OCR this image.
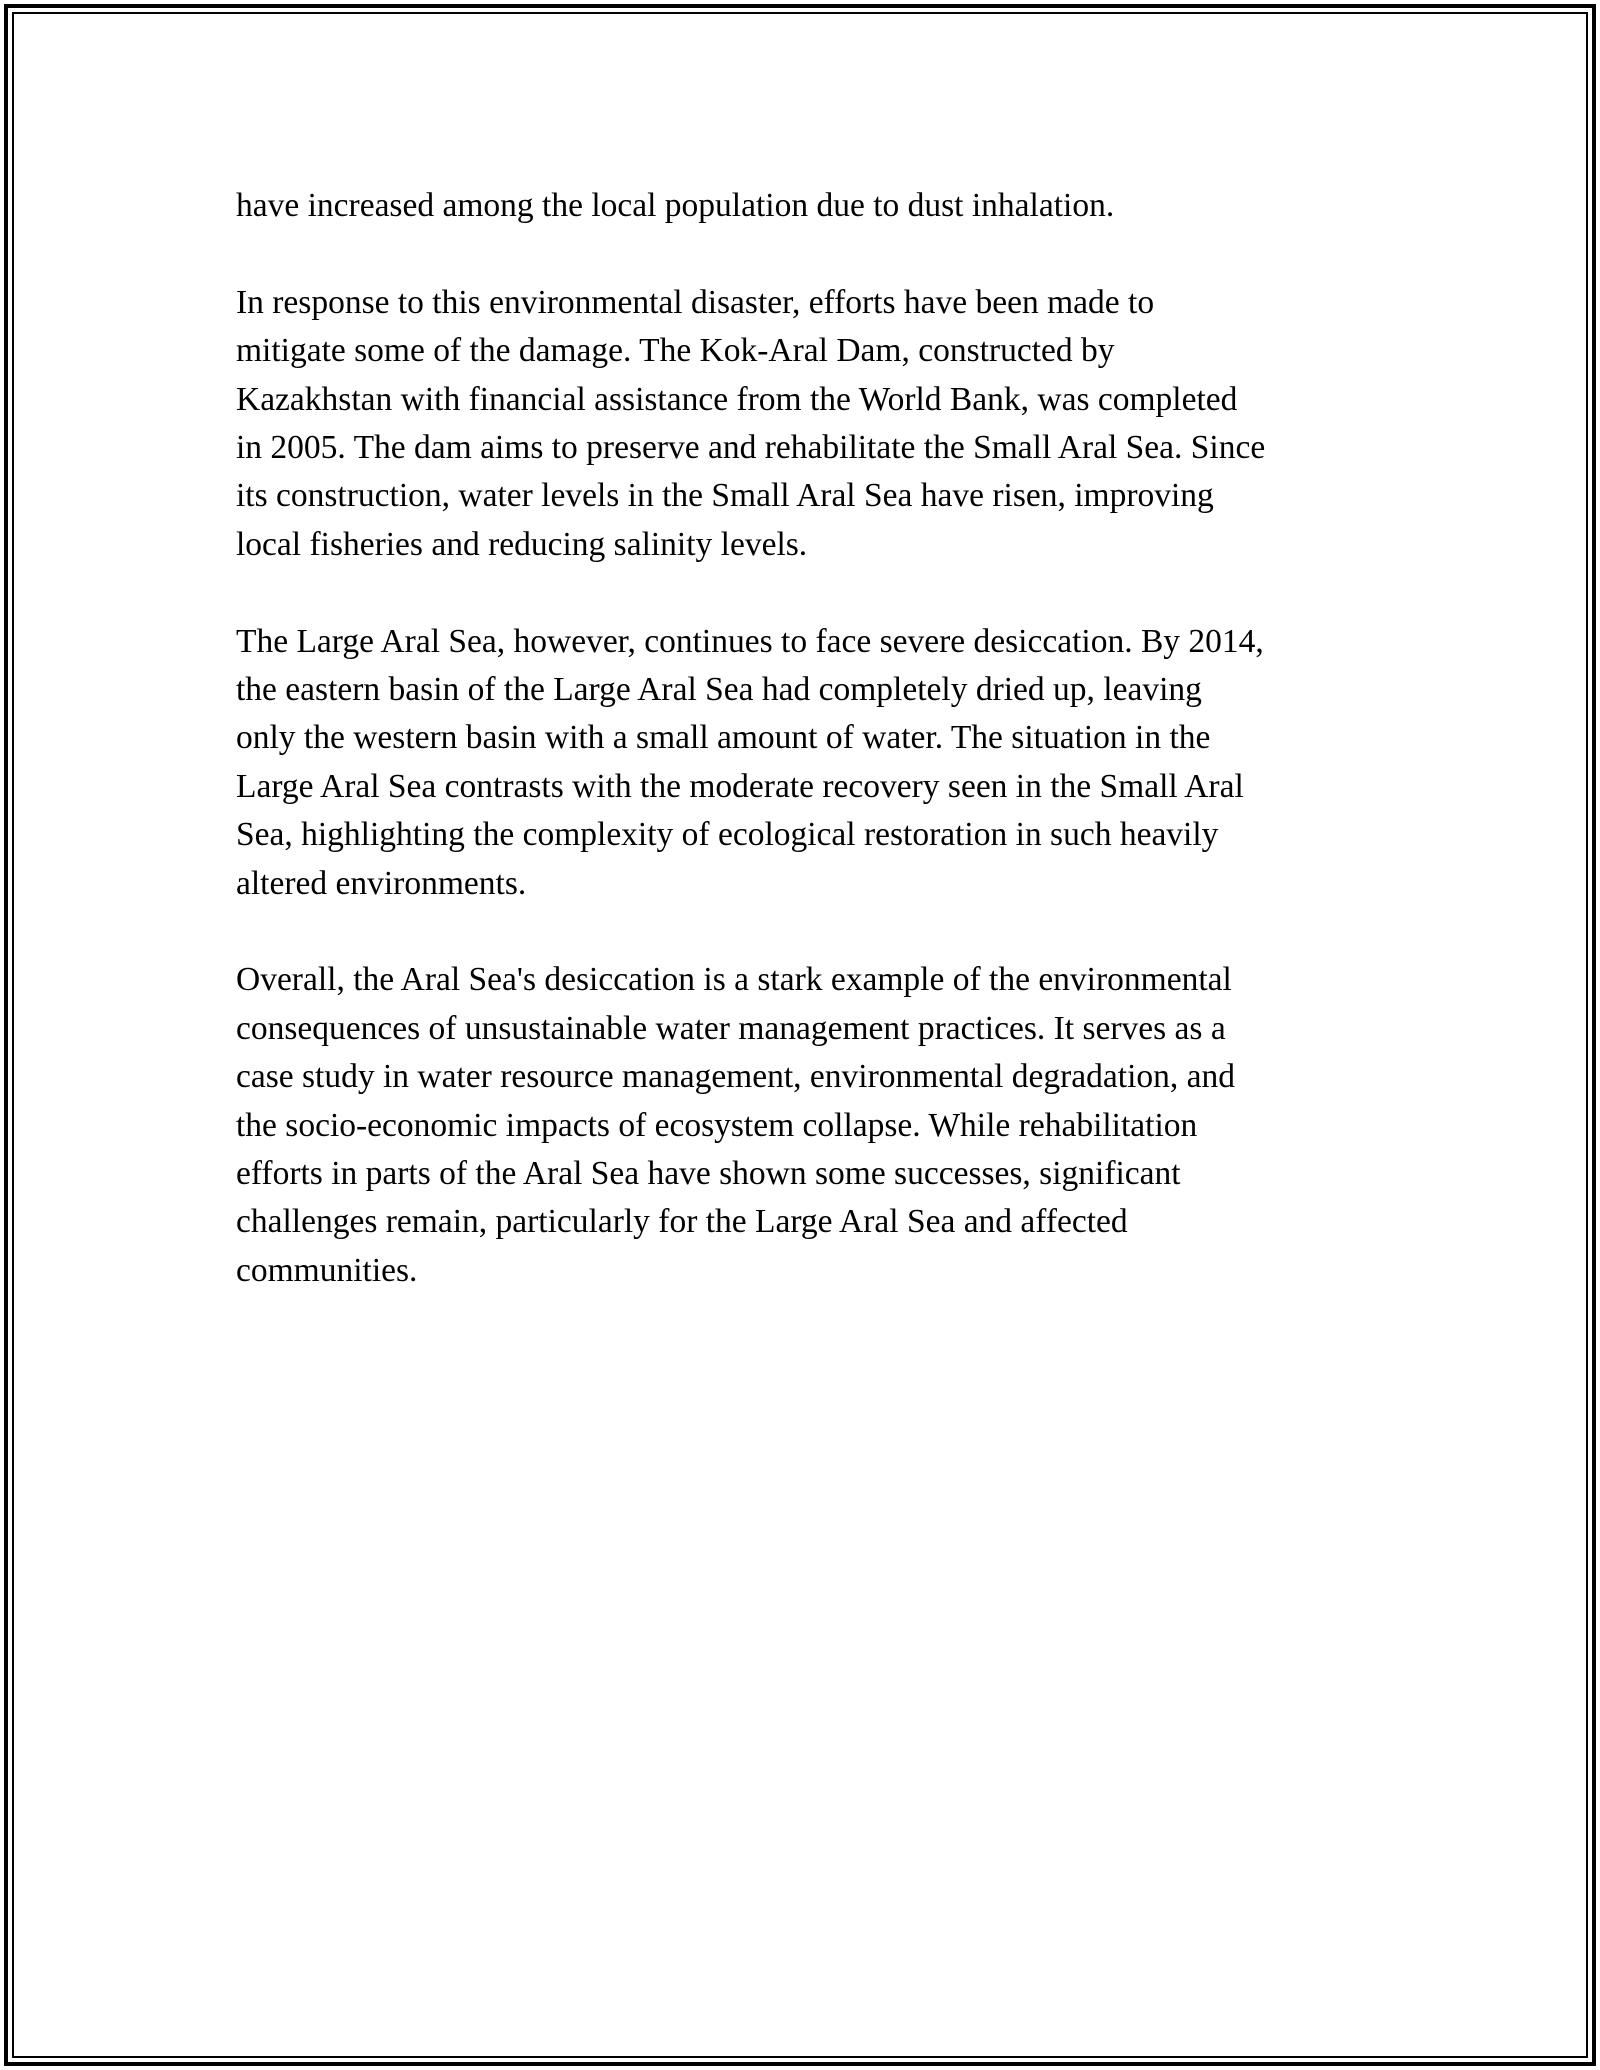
have increased among the local population due to dust inhalation.

In response to this environmental disaster, efforts have been made to
mitigate some of the damage. The Kok-Aral Dam, constructed by
Kazakhstan with financial assistance from the World Bank, was completed
in 2005. The dam aims to preserve and rehabilitate the Small Aral Sea. Since
its construction, water levels in the Small Aral Sea have risen, improving
local fisheries and reducing salinity levels.

The Large Aral Sea, however, continues to face severe desiccation. By 2014,
the eastern basin of the Large Aral Sea had completely dried up, leaving
only the western basin with a small amount of water. The situation in the
Large Aral Sea contrasts with the moderate recovery seen in the Small Aral
Sea, highlighting the complexity of ecological restoration in such heavily
altered environments.

Overall, the Aral Sea's desiccation is a stark example of the environmental
consequences of unsustainable water management practices. It serves as a
case study in water resource management, environmental degradation, and
the socio-economic impacts of ecosystem collapse. While rehabilitation
efforts in parts of the Aral Sea have shown some successes, significant
challenges remain, particularly for the Large Aral Sea and affected
communities.
